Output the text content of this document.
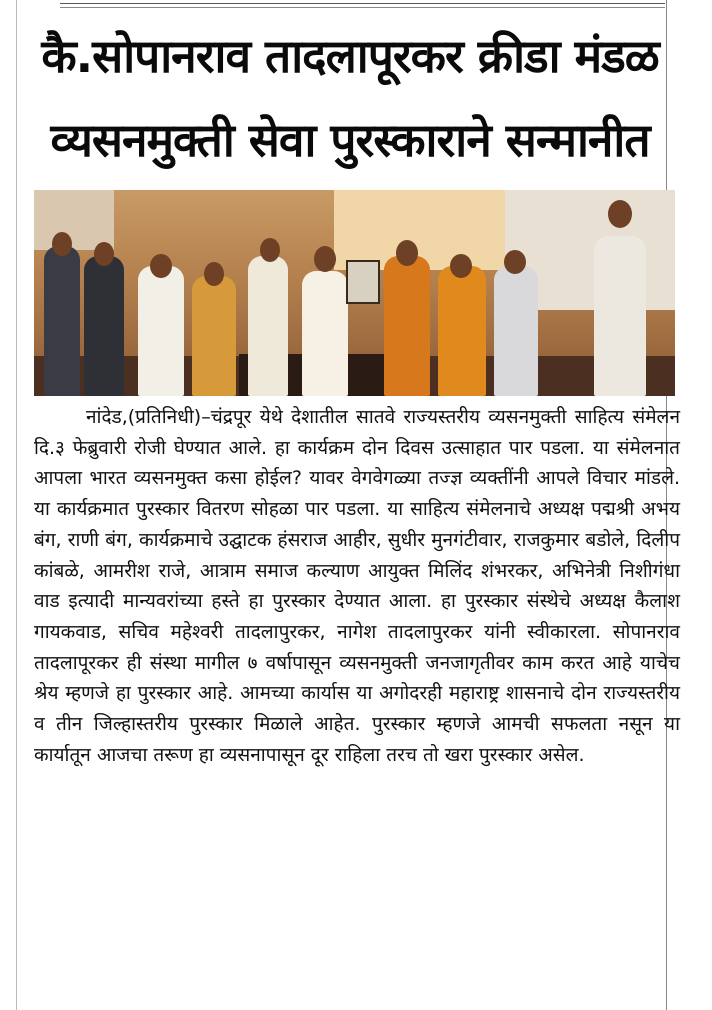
कै.सोपानराव तादलापूरकर क्रीडा मंडळ
व्यसनमुक्ती सेवा पुरस्काराने सन्मानीत

नांदेड,(प्रतिनिधी)–चंद्रपूर येथे देशातील सातवे राज्यस्तरीय व्यसनमुक्ती साहित्य संमेलन दि.३ फेब्रुवारी रोजी घेण्यात आले. हा कार्यक्रम दोन दिवस उत्साहात पार पडला. या संमेलनात आपला भारत व्यसनमुक्त कसा होईल? यावर वेगवेगळ्या तज्ज्ञ व्यक्तींनी आपले विचार मांडले. या कार्यक्रमात पुरस्कार वितरण सोहळा पार पडला. या साहित्य संमेलनाचे अध्यक्ष पद्मश्री अभय बंग, राणी बंग, कार्यक्रमाचे उद्घाटक हंसराज आहीर, सुधीर मुनगंटीवार, राजकुमार बडोले, दिलीप कांबळे, आमरीश राजे, आत्राम समाज कल्याण आयुक्त मिलिंद शंभरकर, अभिनेत्री निशीगंधा वाड इत्यादी मान्यवरांच्या हस्ते हा पुरस्कार देण्यात आला. हा पुरस्कार संस्थेचे अध्यक्ष कैलाश गायकवाड, सचिव महेश्वरी तादलापुरकर, नागेश तादलापुरकर यांनी स्वीकारला. सोपानराव तादलापूरकर ही संस्था मागील ७ वर्षापासून व्यसनमुक्ती जनजागृतीवर काम करत आहे याचेच श्रेय म्हणजे हा पुरस्कार आहे. आमच्या कार्यास या अगोदरही महाराष्ट्र शासनाचे दोन राज्यस्तरीय व तीन जिल्हास्तरीय पुरस्कार मिळाले आहेत. पुरस्कार म्हणजे आमची सफलता नसून या कार्यातून आजचा तरूण हा व्यसनापासून दूर राहिला तरच तो खरा पुरस्कार असेल.
